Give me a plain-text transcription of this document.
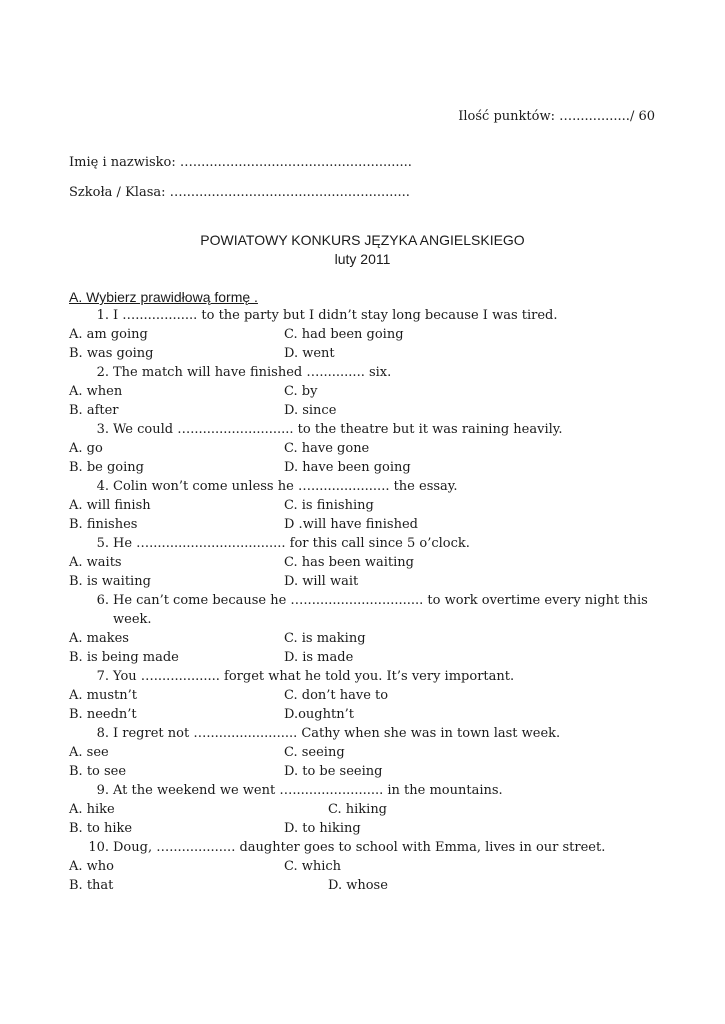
Ilość punktów: …............../ 60
Imię i nazwisko: ….....................................................
Szkoła / Klasa: ….......................................................
POWIATOWY KONKURS JĘZYKA ANGIELSKIEGO
luty 2011
A. Wybierz prawidłową formę .
1. I …............... to the party but I didn’t stay long because I was tired.
A. am going	C. had been going
B. was going	D. went
2. The match will have finished …........... six.
A. when	C. by
B. after	D. since
3. We could …......................... to the theatre but it was raining heavily.
A. go	C. have gone
B. be going	D. have been going
4. Colin won’t come unless he …................... the essay.
A. will finish	C. is finishing
B. finishes	D .will have finished
5. He …................................. for this call since 5 o’clock.
A. waits	C. has been waiting
B. is waiting	D. will wait
6. He can’t come because he …............................. to work overtime every night this week.
A. makes	C. is making
B. is being made	D. is made
7. You …................ forget what he told you. It’s very important.
A. mustn’t	C. don’t have to
B. needn’t	D.oughtn’t
8. I regret not …...................... Cathy when she was in town last week.
A. see	C. seeing
B. to see	D. to be seeing
9. At the weekend we went …...................... in the mountains.
A. hike	C. hiking
B. to hike	D. to hiking
10. Doug, …................ daughter goes to school with Emma, lives in our street.
A. who	C. which
B. that	D. whose
